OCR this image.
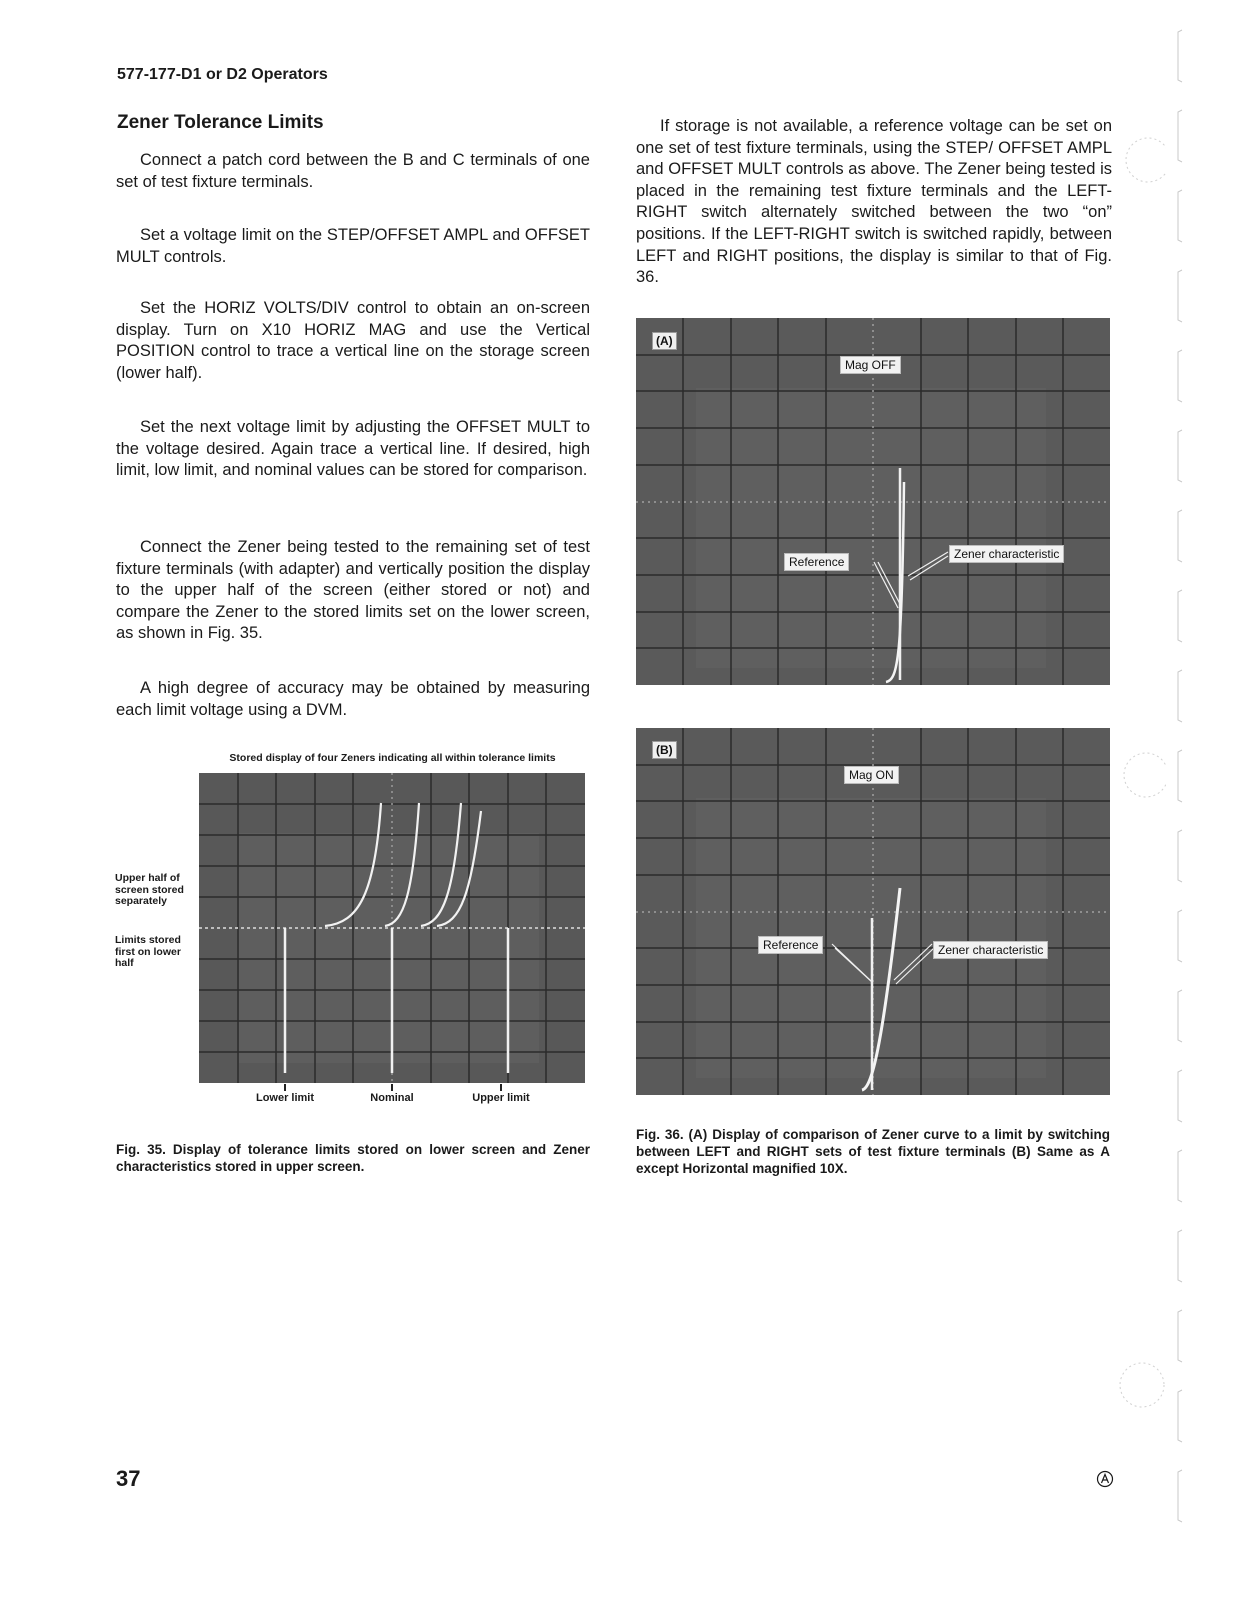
577-177-D1 or D2 Operators
Zener Tolerance Limits

Connect a patch cord between the B and C terminals of one set of test fixture terminals.

Set a voltage limit on the STEP/OFFSET AMPL and OFFSET MULT controls.

Set the HORIZ VOLTS/DIV control to obtain an on-screen display. Turn on X10 HORIZ MAG and use the Vertical POSITION control to trace a vertical line on the storage screen (lower half).

Set the next voltage limit by adjusting the OFFSET MULT to the voltage desired. Again trace a vertical line. If desired, high limit, low limit, and nominal values can be stored for comparison.

Connect the Zener being tested to the remaining set of test fixture terminals (with adapter) and vertically position the display to the upper half of the screen (either stored or not) and compare the Zener to the stored limits set on the lower screen, as shown in Fig. 35.

A high degree of accuracy may be obtained by measuring each limit voltage using a DVM.

If storage is not available, a reference voltage can be set on one set of test fixture terminals, using the STEP/ OFFSET AMPL and OFFSET MULT controls as above. The Zener being tested is placed in the remaining test fixture terminals and the LEFT-RIGHT switch alternately switched between the two “on” positions. If the LEFT-RIGHT switch is switched rapidly, between LEFT and RIGHT positions, the display is similar to that of Fig. 36.

Stored display of four Zeners indicating all within tolerance limits
Upper half of screen stored separately
Limits stored first on lower half
Lower limit	Nominal	Upper limit
Fig. 35. Display of tolerance limits stored on lower screen and Zener characteristics stored in upper screen.
(A)
Mag OFF
Reference
Zener characteristic
(B)
Mag ON
Reference	Zener characteristic
Fig. 36. (A) Display of comparison of Zener curve to a limit by switching between LEFT and RIGHT sets of test fixture terminals (B) Same as A except Horizontal magnified 10X.
37
